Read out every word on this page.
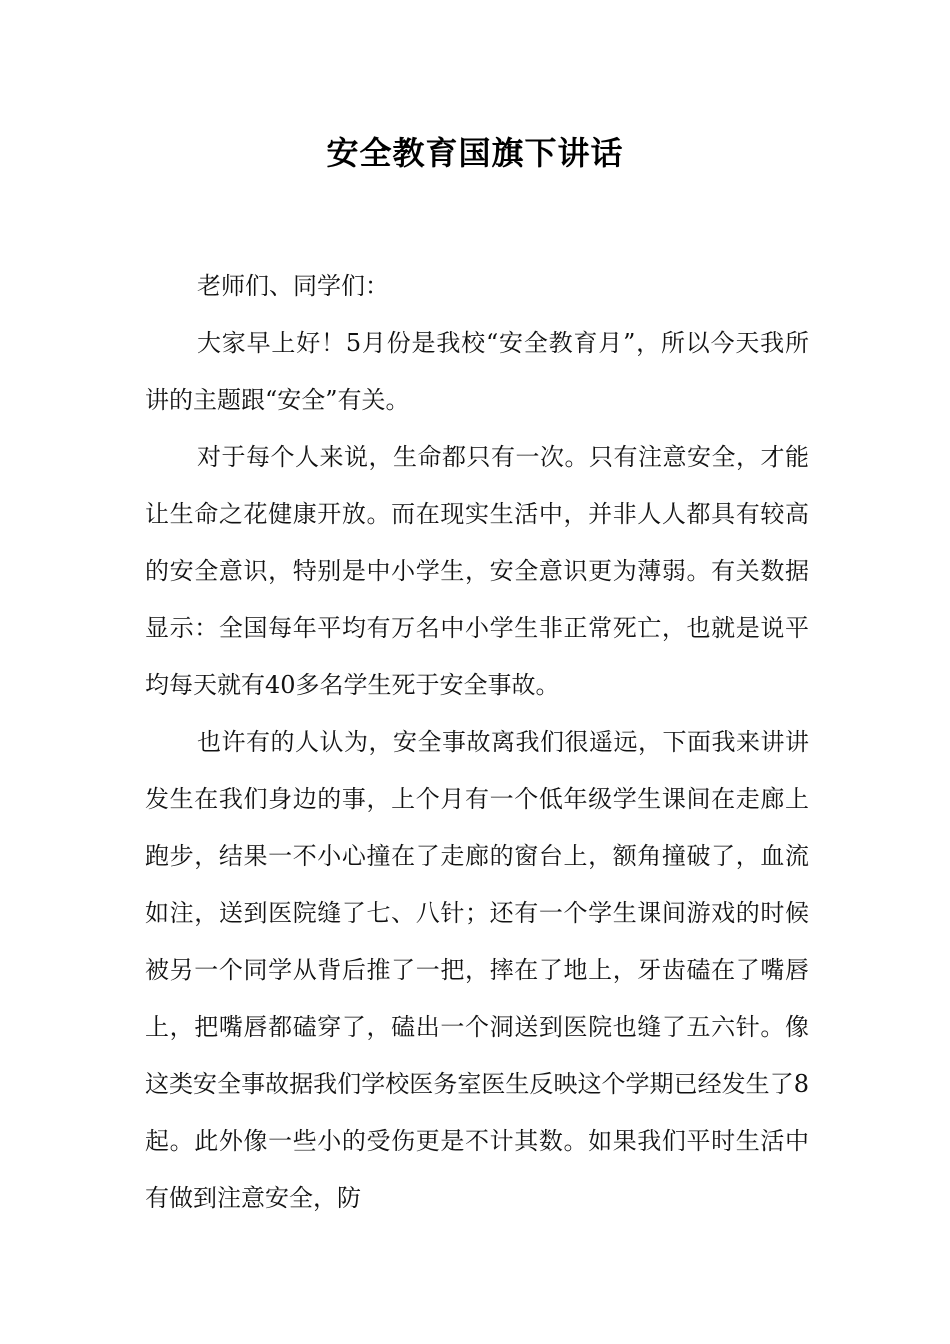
安全教育国旗下讲话

老师们、同学们：

大家早上好！5月份是我校“安全教育月”，所以今天我所讲的主题跟“安全”有关。

对于每个人来说，生命都只有一次。只有注意安全，才能让生命之花健康开放。而在现实生活中，并非人人都具有较高的安全意识，特别是中小学生，安全意识更为薄弱。有关数据显示：全国每年平均有万名中小学生非正常死亡，也就是说平均每天就有40多名学生死于安全事故。

也许有的人认为，安全事故离我们很遥远，下面我来讲讲发生在我们身边的事，上个月有一个低年级学生课间在走廊上跑步，结果一不小心撞在了走廊的窗台上，额角撞破了，血流如注，送到医院缝了七、八针；还有一个学生课间游戏的时候被另一个同学从背后推了一把，摔在了地上，牙齿磕在了嘴唇上，把嘴唇都磕穿了，磕出一个洞送到医院也缝了五六针。像这类安全事故据我们学校医务室医生反映这个学期已经发生了8起。此外像一些小的受伤更是不计其数。如果我们平时生活中有做到注意安全，防
